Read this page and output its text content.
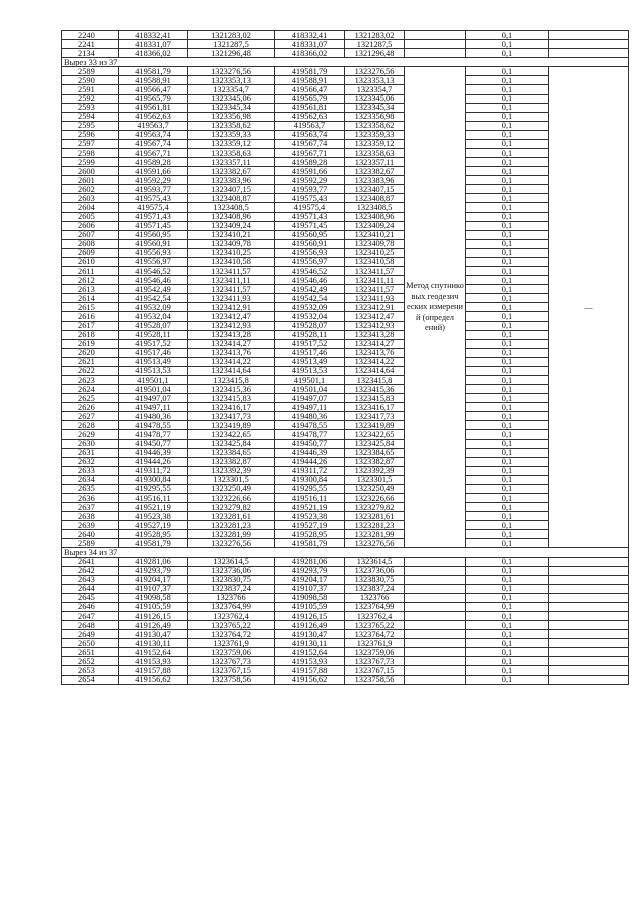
2240	418332,41	1321283,02	418332,41	1321283,02		0,1	
2241	418331,07	1321287,5	418331,07	1321287,5		0,1	
2134	418366,02	1321296,48	418366,02	1321296,48		0,1	
Вырез 33 из 37							
2589	419581,79	1323276,56	419581,79	1323276,56	Метод спутнико вых геодезич еских измерени й (определ ений)	0,1	—
2590	419588,91	1323353,13	419588,91	1323353,13		0,1	
2591	419566,47	1323354,7	419566,47	1323354,7		0,1	
2592	419565,79	1323345,06	419565,79	1323345,06		0,1	
2593	419561,81	1323345,34	419561,81	1323345,34		0,1	
2594	419562,63	1323356,98	419562,63	1323356,98		0,1	
2595	419563,7	1323358,62	419563,7	1323358,62		0,1	
2596	419563,74	1323359,33	419563,74	1323359,33		0,1	
2597	419567,74	1323359,12	419567,74	1323359,12		0,1	
2598	419567,71	1323358,63	419567,71	1323358,63		0,1	
2599	419589,28	1323357,11	419589,28	1323357,11		0,1	
2600	419591,66	1323382,67	419591,66	1323382,67		0,1	
2601	419592,29	1323383,96	419592,29	1323383,96		0,1	
2602	419593,77	1323407,15	419593,77	1323407,15		0,1	
2603	419575,43	1323408,87	419575,43	1323408,87		0,1	
2604	419575,4	1323408,5	419575,4	1323408,5		0,1	
2605	419571,43	1323408,96	419571,43	1323408,96		0,1	
2606	419571,45	1323409,24	419571,45	1323409,24		0,1	
2607	419560,95	1323410,21	419560,95	1323410,21		0,1	
2608	419560,91	1323409,78	419560,91	1323409,78		0,1	
2609	419556,93	1323410,25	419556,93	1323410,25		0,1	
2610	419556,97	1323410,58	419556,97	1323410,58		0,1	
2611	419546,52	1323411,57	419546,52	1323411,57		0,1	
2612	419546,46	1323411,11	419546,46	1323411,11		0,1	
2613	419542,49	1323411,57	419542,49	1323411,57		0,1	
2614	419542,54	1323411,93	419542,54	1323411,93		0,1	
2615	419532,09	1323412,91	419532,09	1323412,91		0,1	
2616	419532,04	1323412,47	419532,04	1323412,47		0,1	
2617	419528,07	1323412,93	419528,07	1323412,93		0,1	
2618	419528,11	1323413,28	419528,11	1323413,28		0,1	
2619	419517,52	1323414,27	419517,52	1323414,27		0,1	
2620	419517,46	1323413,76	419517,46	1323413,76		0,1	
2621	419513,49	1323414,22	419513,49	1323414,22		0,1	
2622	419513,53	1323414,64	419513,53	1323414,64		0,1	
2623	419501,1	1323415,8	419501,1	1323415,8		0,1	
2624	419501,04	1323415,36	419501,04	1323415,36		0,1	
2625	419497,07	1323415,83	419497,07	1323415,83		0,1	
2626	419497,11	1323416,17	419497,11	1323416,17		0,1	
2627	419480,36	1323417,73	419480,36	1323417,73		0,1	
2628	419478,55	1323419,89	419478,55	1323419,89		0,1	
2629	419478,77	1323422,65	419478,77	1323422,65		0,1	
2630	419450,77	1323425,84	419450,77	1323425,84		0,1	
2631	419446,39	1323384,65	419446,39	1323384,65		0,1	
2632	419444,26	1323382,87	419444,26	1323382,87		0,1	
2633	419311,72	1323392,39	419311,72	1323392,39		0,1	
2634	419300,84	1323301,5	419300,84	1323301,5		0,1	
2635	419295,55	1323250,49	419295,55	1323250,49		0,1	
2636	419516,11	1323226,66	419516,11	1323226,66		0,1	
2637	419521,19	1323279,82	419521,19	1323279,82		0,1	
2638	419523,38	1323281,61	419523,38	1323281,61		0,1	
2639	419527,19	1323281,23	419527,19	1323281,23		0,1	
2640	419528,95	1323281,99	419528,95	1323281,99		0,1	
2589	419581,79	1323276,56	419581,79	1323276,56		0,1	
Вырез 34 из 37							
2641	419281,06	1323614,5	419281,06	1323614,5		0,1	
2642	419293,79	1323736,06	419293,79	1323736,06		0,1	
2643	419204,17	1323830,75	419204,17	1323830,75		0,1	
2644	419107,37	1323837,24	419107,37	1323837,24		0,1	
2645	419098,58	1323766	419098,58	1323766		0,1	
2646	419105,59	1323764,99	419105,59	1323764,99		0,1	
2647	419126,15	1323762,4	419126,15	1323762,4		0,1	
2648	419126,49	1323765,22	419126,49	1323765,22		0,1	
2649	419130,47	1323764,72	419130,47	1323764,72		0,1	
2650	419130,11	1323761,9	419130,11	1323761,9		0,1	
2651	419152,64	1323759,06	419152,64	1323759,06		0,1	
2652	419153,93	1323767,73	419153,93	1323767,73		0,1	
2653	419157,88	1323767,15	419157,88	1323767,15		0,1	
2654	419156,62	1323758,56	419156,62	1323758,56		0,1	
